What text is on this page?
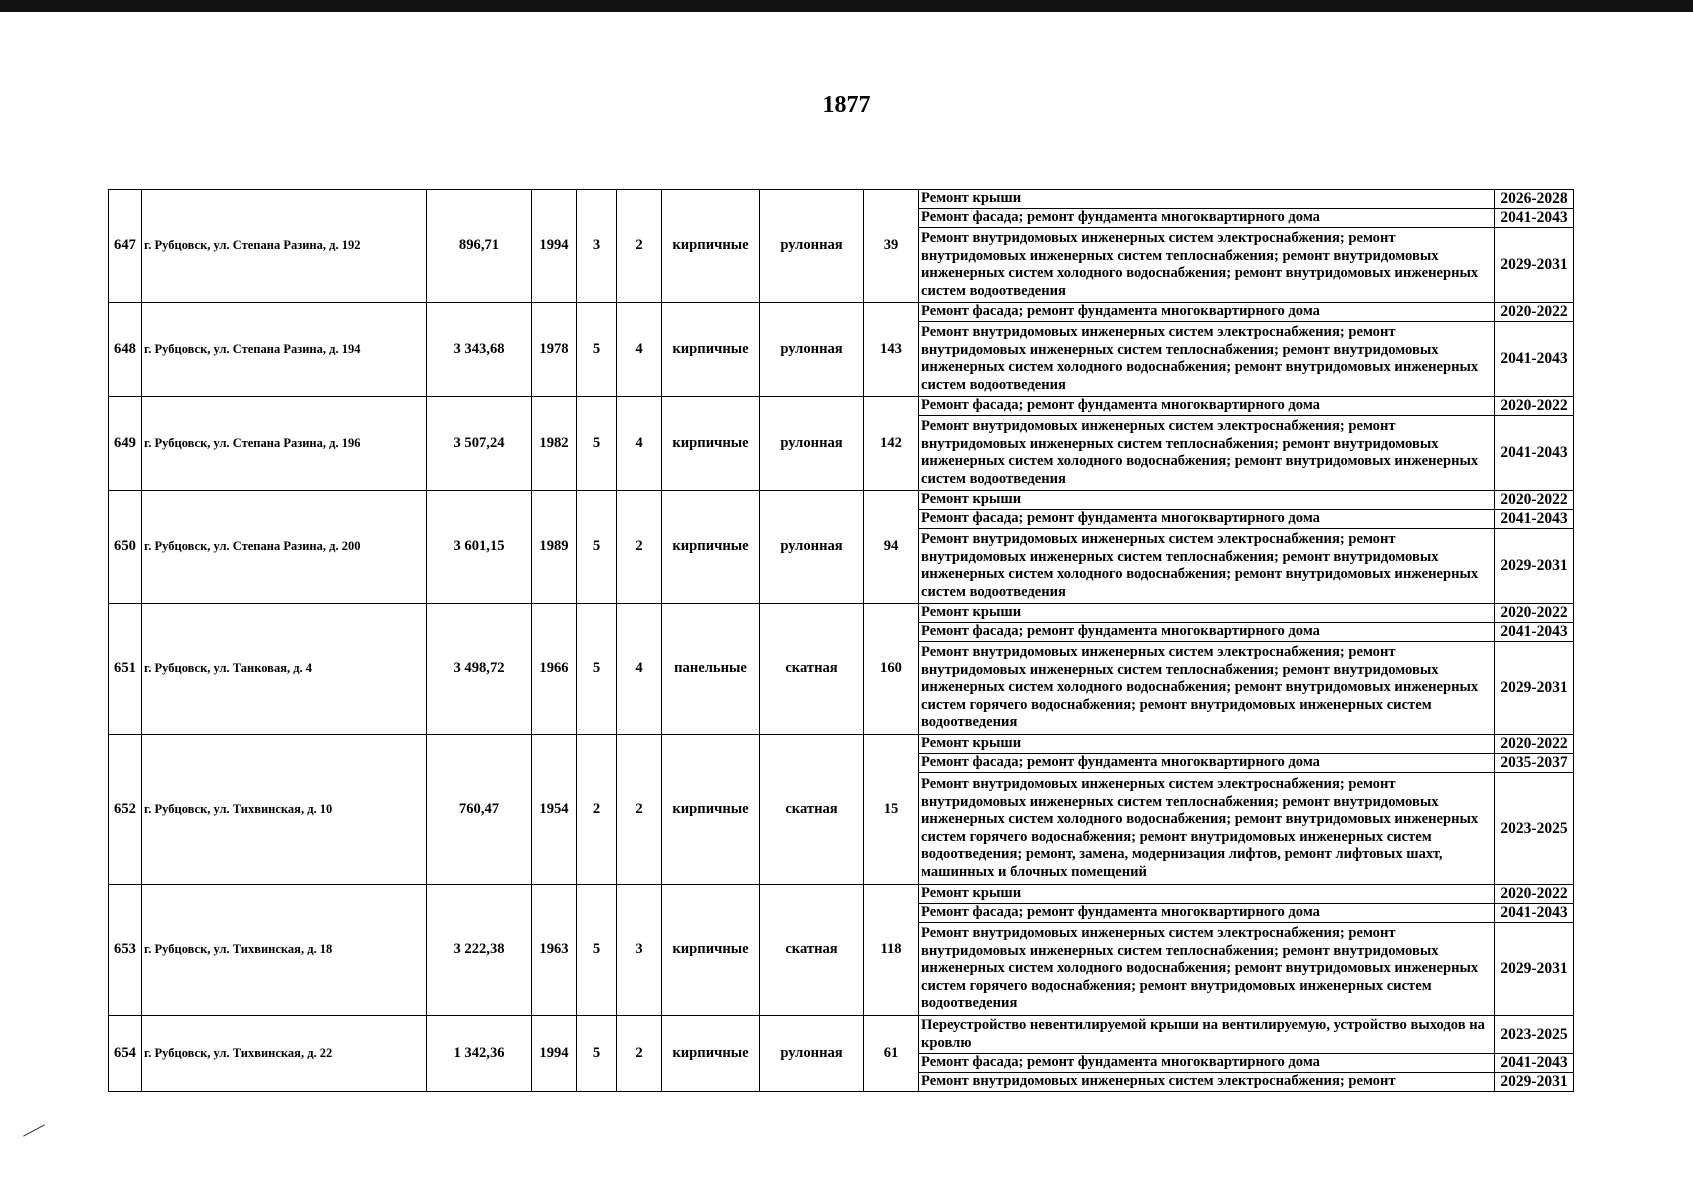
1877
647	г. Рубцовск, ул. Степана Разина, д. 192	896,71	1994	3	2	кирпичные	рулонная	39	Ремонт крыши	2026-2028
									Ремонт фасада; ремонт фундамента многоквартирного дома	2041-2043
									Ремонт внутридомовых инженерных систем электроснабжения; ремонт внутридомовых инженерных систем теплоснабжения; ремонт внутридомовых инженерных систем холодного водоснабжения; ремонт внутридомовых инженерных систем водоотведения	2029-2031
648	г. Рубцовск, ул. Степана Разина, д. 194	3 343,68	1978	5	4	кирпичные	рулонная	143	Ремонт фасада; ремонт фундамента многоквартирного дома	2020-2022
									Ремонт внутридомовых инженерных систем электроснабжения; ремонт внутридомовых инженерных систем теплоснабжения; ремонт внутридомовых инженерных систем холодного водоснабжения; ремонт внутридомовых инженерных систем водоотведения	2041-2043
649	г. Рубцовск, ул. Степана Разина, д. 196	3 507,24	1982	5	4	кирпичные	рулонная	142	Ремонт фасада; ремонт фундамента многоквартирного дома	2020-2022
									Ремонт внутридомовых инженерных систем электроснабжения; ремонт внутридомовых инженерных систем теплоснабжения; ремонт внутридомовых инженерных систем холодного водоснабжения; ремонт внутридомовых инженерных систем водоотведения	2041-2043
650	г. Рубцовск, ул. Степана Разина, д. 200	3 601,15	1989	5	2	кирпичные	рулонная	94	Ремонт крыши	2020-2022
									Ремонт фасада; ремонт фундамента многоквартирного дома	2041-2043
									Ремонт внутридомовых инженерных систем электроснабжения; ремонт внутридомовых инженерных систем теплоснабжения; ремонт внутридомовых инженерных систем холодного водоснабжения; ремонт внутридомовых инженерных систем водоотведения	2029-2031
651	г. Рубцовск, ул. Танковая, д. 4	3 498,72	1966	5	4	панельные	скатная	160	Ремонт крыши	2020-2022
									Ремонт фасада; ремонт фундамента многоквартирного дома	2041-2043
									Ремонт внутридомовых инженерных систем электроснабжения; ремонт внутридомовых инженерных систем теплоснабжения; ремонт внутридомовых инженерных систем холодного водоснабжения; ремонт внутридомовых инженерных систем горячего водоснабжения; ремонт внутридомовых инженерных систем водоотведения	2029-2031
652	г. Рубцовск, ул. Тихвинская, д. 10	760,47	1954	2	2	кирпичные	скатная	15	Ремонт крыши	2020-2022
									Ремонт фасада; ремонт фундамента многоквартирного дома	2035-2037
									Ремонт внутридомовых инженерных систем электроснабжения; ремонт внутридомовых инженерных систем теплоснабжения; ремонт внутридомовых инженерных систем холодного водоснабжения; ремонт внутридомовых инженерных систем горячего водоснабжения; ремонт внутридомовых инженерных систем водоотведения; ремонт, замена, модернизация лифтов, ремонт лифтовых шахт, машинных и блочных помещений	2023-2025
653	г. Рубцовск, ул. Тихвинская, д. 18	3 222,38	1963	5	3	кирпичные	скатная	118	Ремонт крыши	2020-2022
									Ремонт фасада; ремонт фундамента многоквартирного дома	2041-2043
									Ремонт внутридомовых инженерных систем электроснабжения; ремонт внутридомовых инженерных систем теплоснабжения; ремонт внутридомовых инженерных систем холодного водоснабжения; ремонт внутридомовых инженерных систем горячего водоснабжения; ремонт внутридомовых инженерных систем водоотведения	2029-2031
654	г. Рубцовск, ул. Тихвинская, д. 22	1 342,36	1994	5	2	кирпичные	рулонная	61	Переустройство невентилируемой крыши на вентилируемую, устройство выходов на кровлю	2023-2025
									Ремонт фасада; ремонт фундамента многоквартирного дома	2041-2043
									Ремонт внутридомовых инженерных систем электроснабжения; ремонт	2029-2031
